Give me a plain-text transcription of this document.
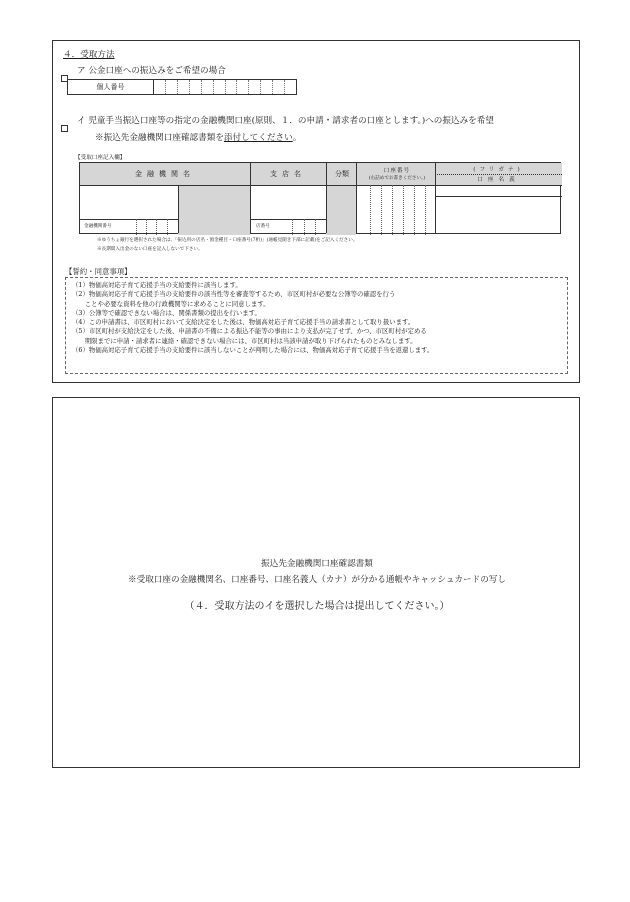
４．受取方法
ア 公金口座への振込みをご希望の場合
個人番号
イ 児童手当振込口座等の指定の金融機関口座(原則、１．の申請・請求者の口座とします。)への振込みを希望
※振込先金融機関口座確認書類を添付してください。
【受取口座記入欄】
金融機関名	支店名	分類	口座番号
(右詰めでお書きください。)
(フリガナ)
口座名義
金融機関番号	店番号
※ゆうちょ銀行を選択された場合は、「振込用の店名・預金種目・口座番号(7桁)」(通帳見開き下部に記載)をご記入ください。
※長期間入出金のない口座を記入しないで下さい。
【誓約・同意事項】

（1）物価高対応子育て応援手当の支給要件に該当します。

（2）物価高対応子育て応援手当の支給要件の該当性等を審査等するため、市区町村が必要な公簿等の確認を行う

　　ことや必要な資料を他の行政機関等に求めることに同意します。

（3）公簿等で確認できない場合は、関係書類の提出を行います。

（4）この申請書は、市区町村において支給決定をした後は、物価高対応子育て応援手当の請求書として取り扱います。

（5）市区町村が支給決定をした後、申請書の不備による振込不能等の事由により支払が完了せず、かつ、市区町村が定める

　　期限までに申請・請求者に連絡・確認できない場合には、市区町村は当該申請が取り下げられたものとみなします。

（6）物価高対応子育て応援手当の支給要件に該当しないことが判明した場合には、物価高対応子育て応援手当を返還します。

振込先金融機関口座確認書類
※受取口座の金融機関名、口座番号、口座名義人（カナ）が分かる通帳やキャッシュカードの写し
（４．受取方法のイを選択した場合は提出してください。）
